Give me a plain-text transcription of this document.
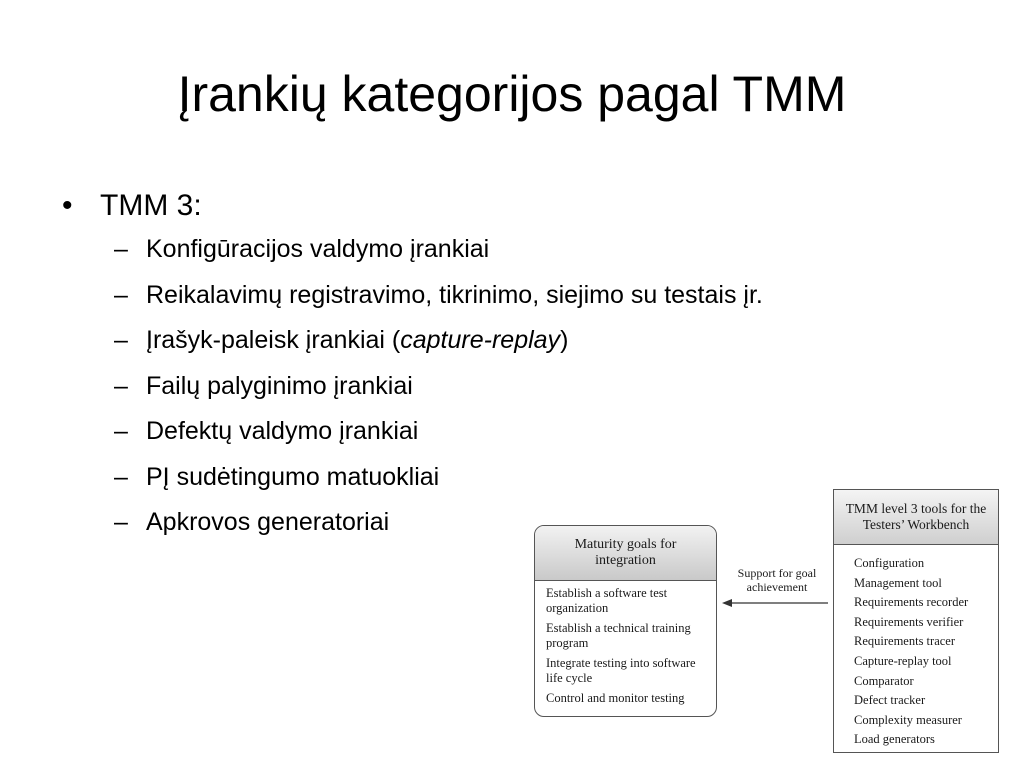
Įrankių kategorijos pagal TMM
• TMM 3:
– Konfigūracijos valdymo įrankiai
– Reikalavimų registravimo, tikrinimo, siejimo su testais įr.
– Įrašyk-paleisk įrankiai (capture-replay)
– Failų palyginimo įrankiai
– Defektų valdymo įrankiai
– PĮ sudėtingumo matuokliai
– Apkrovos generatoriai
Maturity goals for integration
Establish a software test organization
Establish a technical training program
Integrate testing into software life cycle
Control and monitor testing
Support for goal achievement
TMM level 3 tools for the Testers’ Workbench
Configuration
Management tool
Requirements recorder
Requirements verifier
Requirements tracer
Capture-replay tool
Comparator
Defect tracker
Complexity measurer
Load generators
